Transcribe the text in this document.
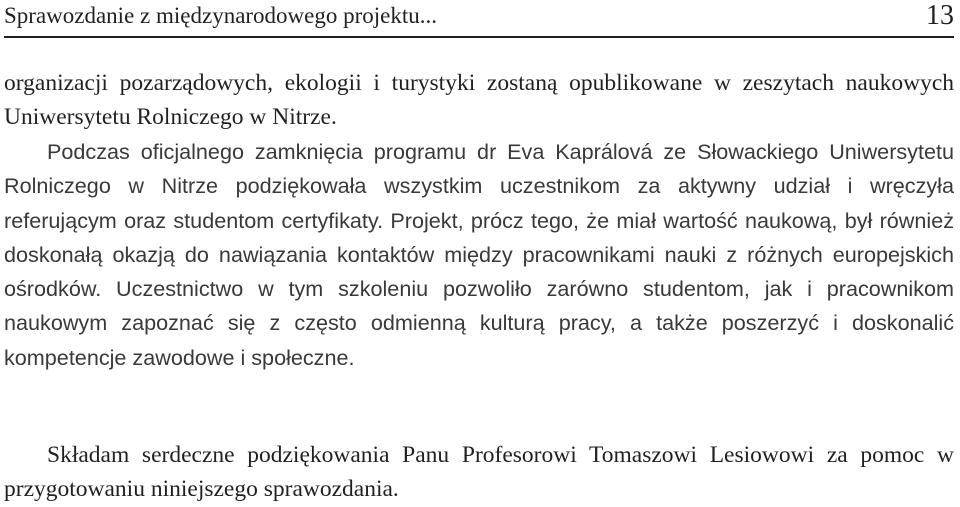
Sprawozdanie z międzynarodowego projektu...	13

organizacji pozarządowych, ekologii i turystyki zostaną opublikowane w zeszytach naukowych Uniwersytetu Rolniczego w Nitrze.

Podczas oficjalnego zamknięcia programu dr Eva Kaprálová ze Słowackiego Uniwersytetu Rolniczego w Nitrze podziękowała wszystkim uczestnikom za aktywny udział i wręczyła referującym oraz studentom certyfikaty. Projekt, prócz tego, że miał wartość naukową, był również doskonałą okazją do nawiązania kontaktów między pracownikami nauki z różnych europejskich ośrodków. Uczestnictwo w tym szkoleniu pozwoliło zarówno studentom, jak i pracownikom naukowym zapoznać się z często odmienną kulturą pracy, a także poszerzyć i doskonalić kompetencje zawodowe i społeczne.

Składam serdeczne podziękowania Panu Profesorowi Tomaszowi Lesiowowi za pomoc w przygotowaniu niniejszego sprawozdania.
